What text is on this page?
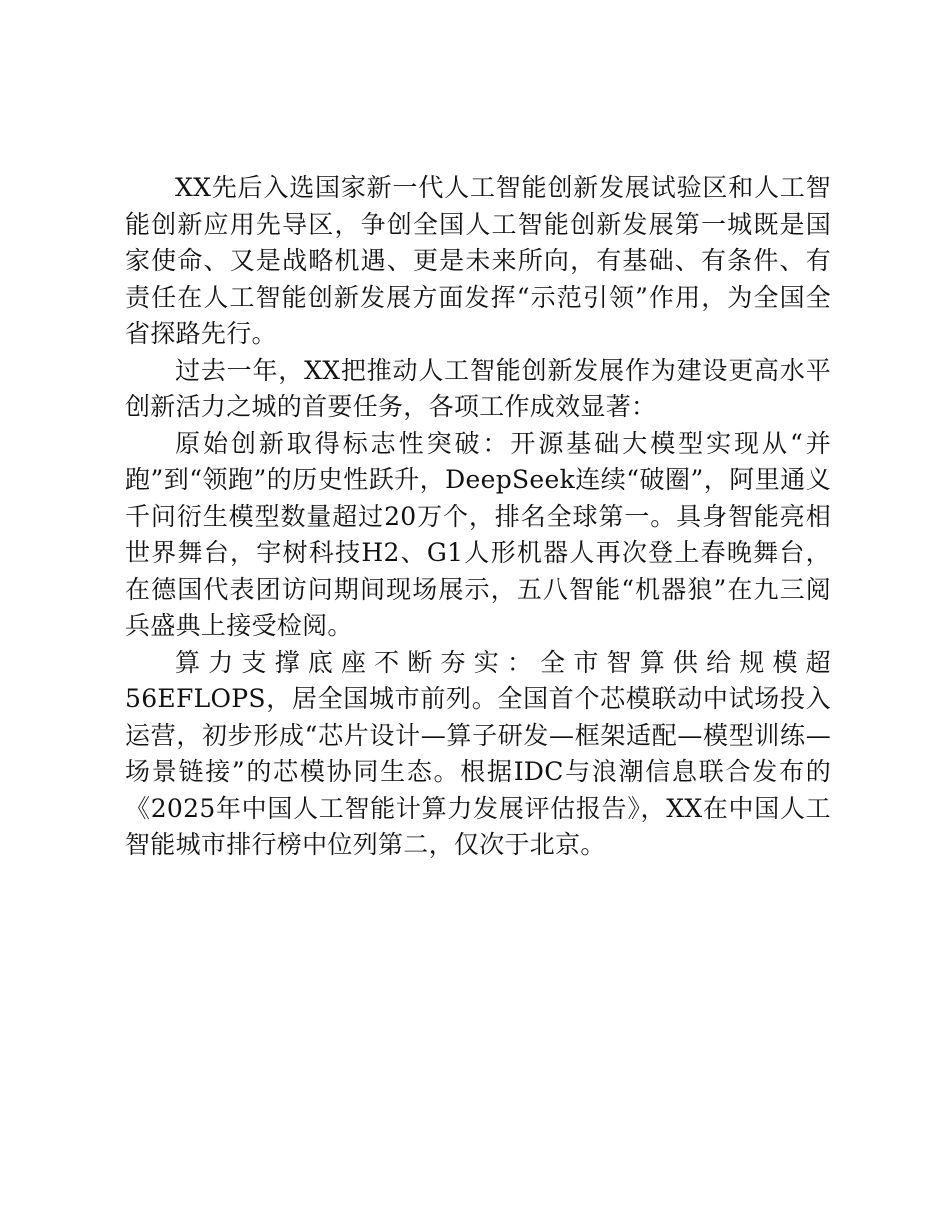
XX先后入选国家新一代人工智能创新发展试验区和人工智能创新应用先导区，争创全国人工智能创新发展第一城既是国家使命、又是战略机遇、更是未来所向，有基础、有条件、有责任在人工智能创新发展方面发挥“示范引领”作用，为全国全省探路先行。

过去一年，XX把推动人工智能创新发展作为建设更高水平创新活力之城的首要任务，各项工作成效显著：

原始创新取得标志性突破：开源基础大模型实现从“并跑”到“领跑”的历史性跃升，DeepSeek连续“破圈”，阿里通义千问衍生模型数量超过20万个，排名全球第一。具身智能亮相世界舞台，宇树科技H2、G1人形机器人再次登上春晚舞台，在德国代表团访问期间现场展示，五八智能“机器狼”在九三阅兵盛典上接受检阅。

算力支撑底座不断夯实：全市智算供给规模超56EFLOPS，居全国城市前列。全国首个芯模联动中试场投入运营，初步形成“芯片设计—算子研发—框架适配—模型训练—场景链接”的芯模协同生态。根据IDC与浪潮信息联合发布的《2025年中国人工智能计算力发展评估报告》，XX在中国人工智能城市排行榜中位列第二，仅次于北京。
